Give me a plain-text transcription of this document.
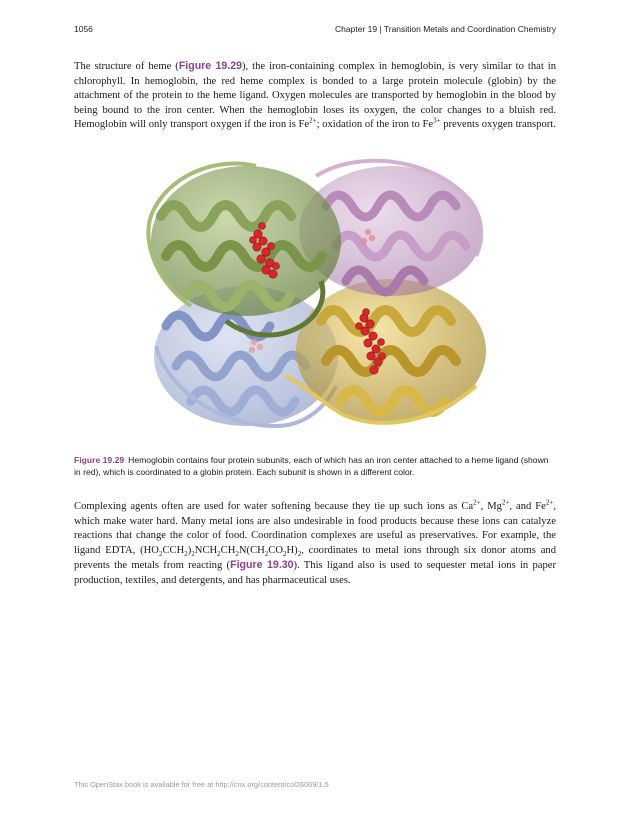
1056	Chapter 19 | Transition Metals and Coordination Chemistry

The structure of heme (Figure 19.29), the iron-containing complex in hemoglobin, is very similar to that in chlorophyll. In hemoglobin, the red heme complex is bonded to a large protein molecule (globin) by the attachment of the protein to the heme ligand. Oxygen molecules are transported by hemoglobin in the blood by being bound to the iron center. When the hemoglobin loses its oxygen, the color changes to a bluish red. Hemoglobin will only transport oxygen if the iron is $Fe^{2+}$; oxidation of the iron to $Fe^{3+}$ prevents oxygen transport.

Figure 19.29 Hemoglobin contains four protein subunits, each of which has an iron center attached to a heme ligand (shown in red), which is coordinated to a globin protein. Each subunit is shown in a different color.

Complexing agents often are used for water softening because they tie up such ions as $Ca^{2+}$, $Mg^{2+}$, and $Fe^{2+}$, which make water hard. Many metal ions are also undesirable in food products because these ions can catalyze reactions that change the color of food. Coordination complexes are useful as preservatives. For example, the ligand EDTA, $(HO_2CCH_2)_2NCH_2CH_2N(CH_2CO_2H)_2$, coordinates to metal ions through six donor atoms and prevents the metals from reacting (Figure 19.30). This ligand also is used to sequester metal ions in paper production, textiles, and detergents, and has pharmaceutical uses.

This OpenStax book is available for free at http://cnx.org/content/col26069/1.5
